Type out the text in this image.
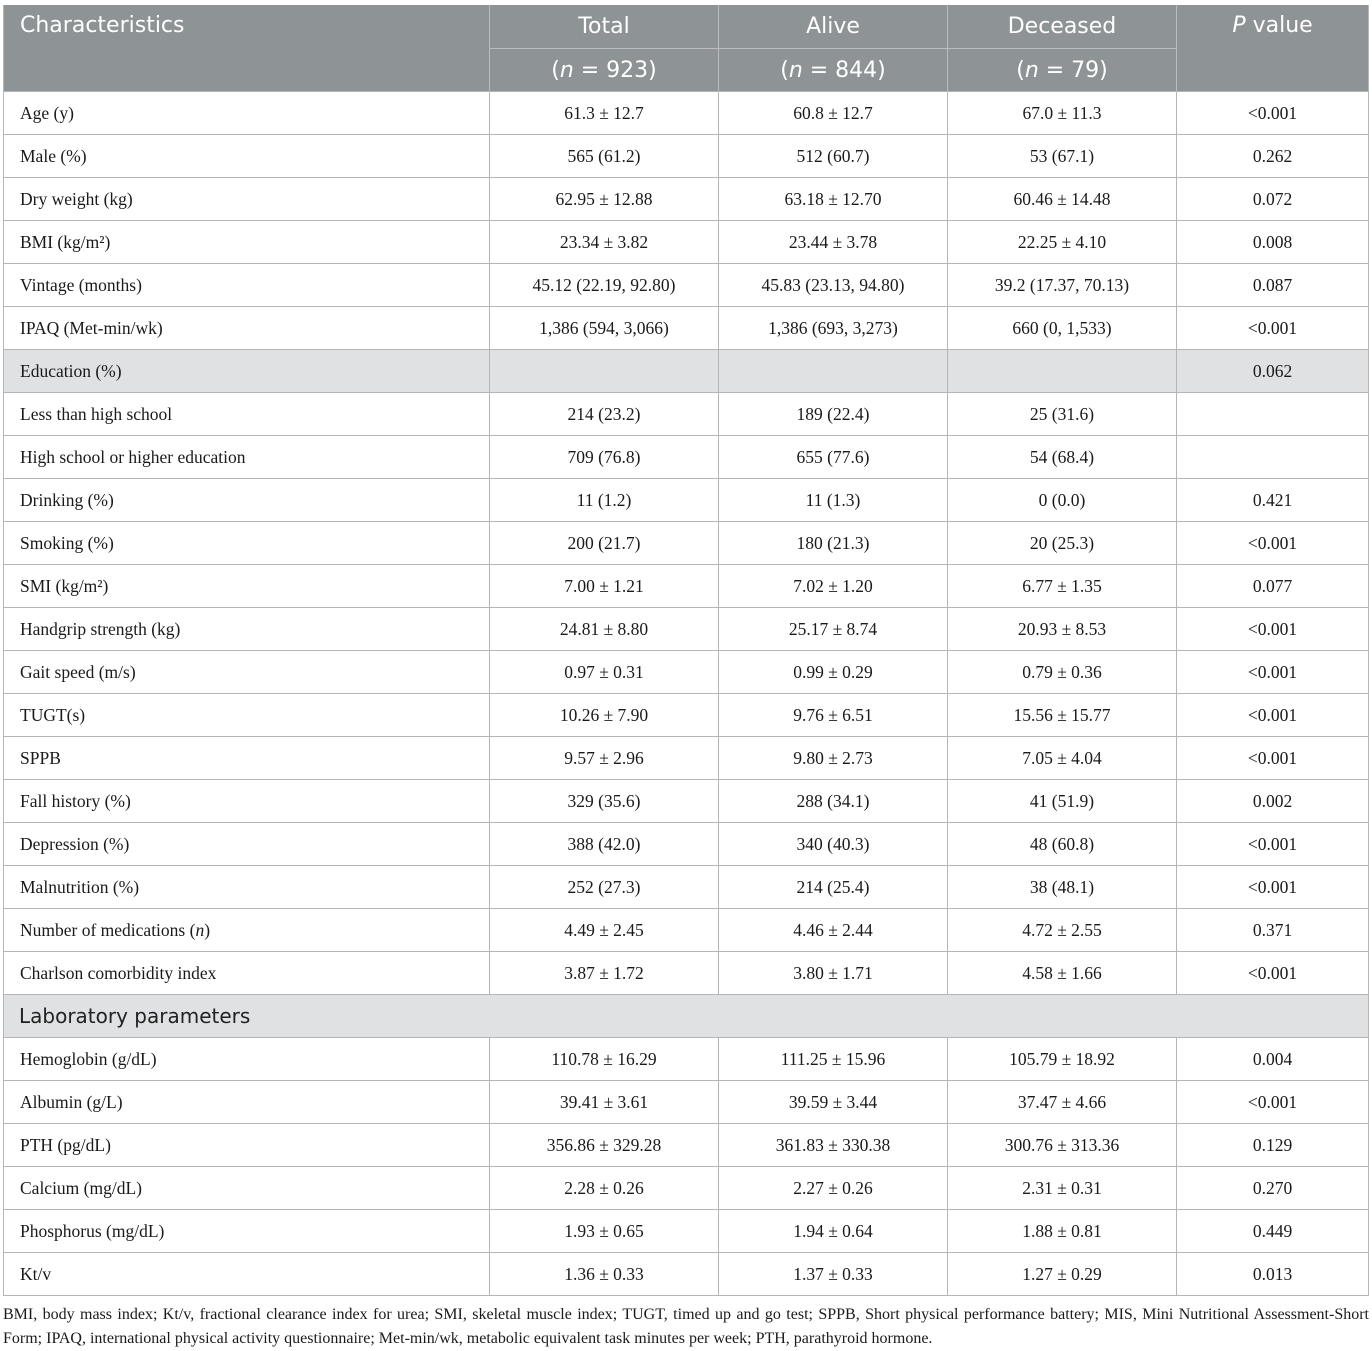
Characteristics	Total	Alive	Deceased	P value
	(n = 923)	(n = 844)	(n = 79)	
Age (y)	61.3 ± 12.7	60.8 ± 12.7	67.0 ± 11.3	<0.001
Male (%)	565 (61.2)	512 (60.7)	53 (67.1)	0.262
Dry weight (kg)	62.95 ± 12.88	63.18 ± 12.70	60.46 ± 14.48	0.072
BMI (kg/m²)	23.34 ± 3.82	23.44 ± 3.78	22.25 ± 4.10	0.008
Vintage (months)	45.12 (22.19, 92.80)	45.83 (23.13, 94.80)	39.2 (17.37, 70.13)	0.087
IPAQ (Met-min/wk)	1,386 (594, 3,066)	1,386 (693, 3,273)	660 (0, 1,533)	<0.001
Education (%)				0.062
Less than high school	214 (23.2)	189 (22.4)	25 (31.6)	
High school or higher education	709 (76.8)	655 (77.6)	54 (68.4)	
Drinking (%)	11 (1.2)	11 (1.3)	0 (0.0)	0.421
Smoking (%)	200 (21.7)	180 (21.3)	20 (25.3)	<0.001
SMI (kg/m²)	7.00 ± 1.21	7.02 ± 1.20	6.77 ± 1.35	0.077
Handgrip strength (kg)	24.81 ± 8.80	25.17 ± 8.74	20.93 ± 8.53	<0.001
Gait speed (m/s)	0.97 ± 0.31	0.99 ± 0.29	0.79 ± 0.36	<0.001
TUGT(s)	10.26 ± 7.90	9.76 ± 6.51	15.56 ± 15.77	<0.001
SPPB	9.57 ± 2.96	9.80 ± 2.73	7.05 ± 4.04	<0.001
Fall history (%)	329 (35.6)	288 (34.1)	41 (51.9)	0.002
Depression (%)	388 (42.0)	340 (40.3)	48 (60.8)	<0.001
Malnutrition (%)	252 (27.3)	214 (25.4)	38 (48.1)	<0.001
Number of medications (n)	4.49 ± 2.45	4.46 ± 2.44	4.72 ± 2.55	0.371
Charlson comorbidity index	3.87 ± 1.72	3.80 ± 1.71	4.58 ± 1.66	<0.001
Laboratory parameters				
Hemoglobin (g/dL)	110.78 ± 16.29	111.25 ± 15.96	105.79 ± 18.92	0.004
Albumin (g/L)	39.41 ± 3.61	39.59 ± 3.44	37.47 ± 4.66	<0.001
PTH (pg/dL)	356.86 ± 329.28	361.83 ± 330.38	300.76 ± 313.36	0.129
Calcium (mg/dL)	2.28 ± 0.26	2.27 ± 0.26	2.31 ± 0.31	0.270
Phosphorus (mg/dL)	1.93 ± 0.65	1.94 ± 0.64	1.88 ± 0.81	0.449
Kt/v	1.36 ± 0.33	1.37 ± 0.33	1.27 ± 0.29	0.013
BMI, body mass index; Kt/v, fractional clearance index for urea; SMI, skeletal muscle index; TUGT, timed up and go test; SPPB, Short physical performance battery; MIS, Mini Nutritional Assessment-Short Form; IPAQ, international physical activity questionnaire; Met-min/wk, metabolic equivalent task minutes per week; PTH, parathyroid hormone.
